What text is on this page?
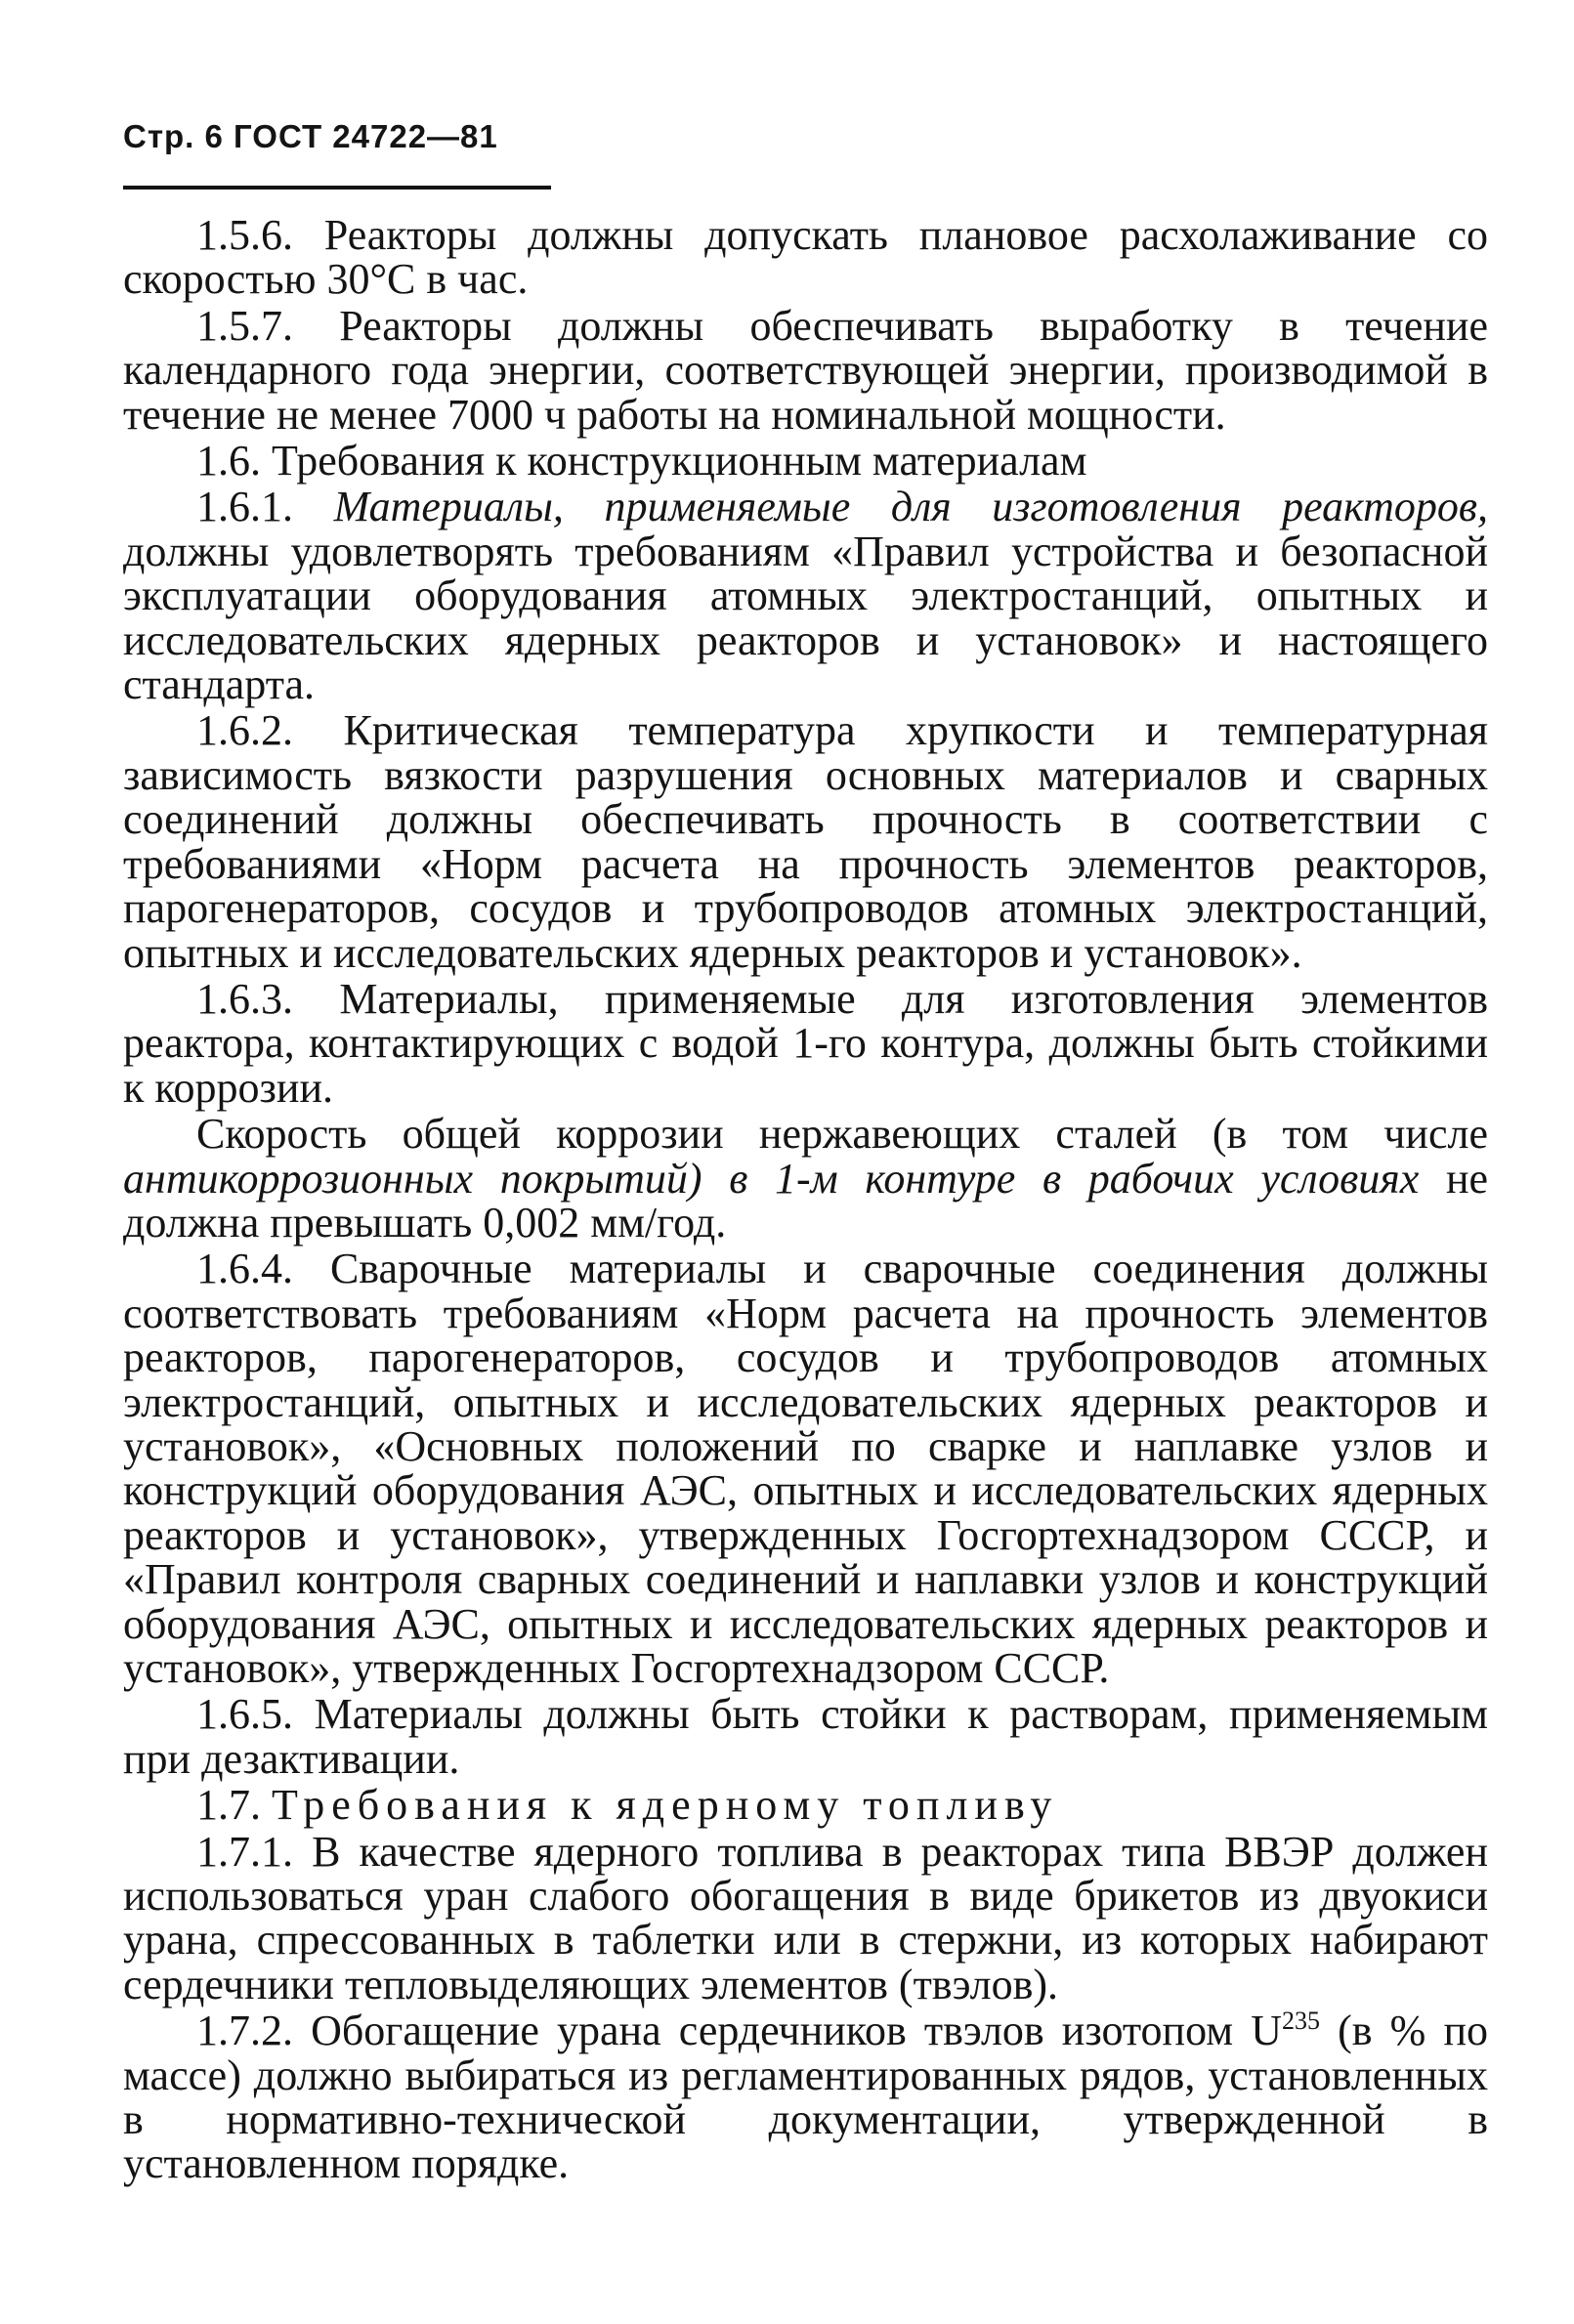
Стр. 6 ГОСТ 24722—81

1.5.6. Реакторы должны допускать плановое расхолаживание со скоростью 30°С в час.

1.5.7. Реакторы должны обеспечивать выработку в течение календарного года энергии, соответствующей энергии, производимой в течение не менее 7000 ч работы на номинальной мощности.

1.6. Требования к конструкционным материалам

1.6.1. Материалы, применяемые для изготовления реакторов, должны удовлетворять требованиям «Правил устройства и безопасной эксплуатации оборудования атомных электростанций, опытных и исследовательских ядерных реакторов и установок» и настоящего стандарта.

1.6.2. Критическая температура хрупкости и температурная зависимость вязкости разрушения основных материалов и сварных соединений должны обеспечивать прочность в соответствии с требованиями «Норм расчета на прочность элементов реакторов, парогенераторов, сосудов и трубопроводов атомных электростанций, опытных и исследовательских ядерных реакторов и установок».

1.6.3. Материалы, применяемые для изготовления элементов реактора, контактирующих с водой 1-го контура, должны быть стойкими к коррозии.

Скорость общей коррозии нержавеющих сталей (в том числе антикоррозионных покрытий) в 1-м контуре в рабочих условиях не должна превышать 0,002 мм/год.

1.6.4. Сварочные материалы и сварочные соединения должны соответствовать требованиям «Норм расчета на прочность элементов реакторов, парогенераторов, сосудов и трубопроводов атомных электростанций, опытных и исследовательских ядерных реакторов и установок», «Основных положений по сварке и наплавке узлов и конструкций оборудования АЭС, опытных и исследовательских ядерных реакторов и установок», утвержденных Госгортехнадзором СССР, и «Правил контроля сварных соединений и наплавки узлов и конструкций оборудования АЭС, опытных и исследовательских ядерных реакторов и установок», утвержденных Госгортехнадзором СССР.

1.6.5. Материалы должны быть стойки к растворам, применяемым при дезактивации.

1.7. Требования к ядерному топливу

1.7.1. В качестве ядерного топлива в реакторах типа ВВЭР должен использоваться уран слабого обогащения в виде брикетов из двуокиси урана, спрессованных в таблетки или в стержни, из которых набирают сердечники тепловыделяющих элементов (твэлов).

1.7.2. Обогащение урана сердечников твэлов изотопом $U^{235}$ (в % по массе) должно выбираться из регламентированных рядов, установленных в нормативно-технической документации, утвержденной в установленном порядке.
